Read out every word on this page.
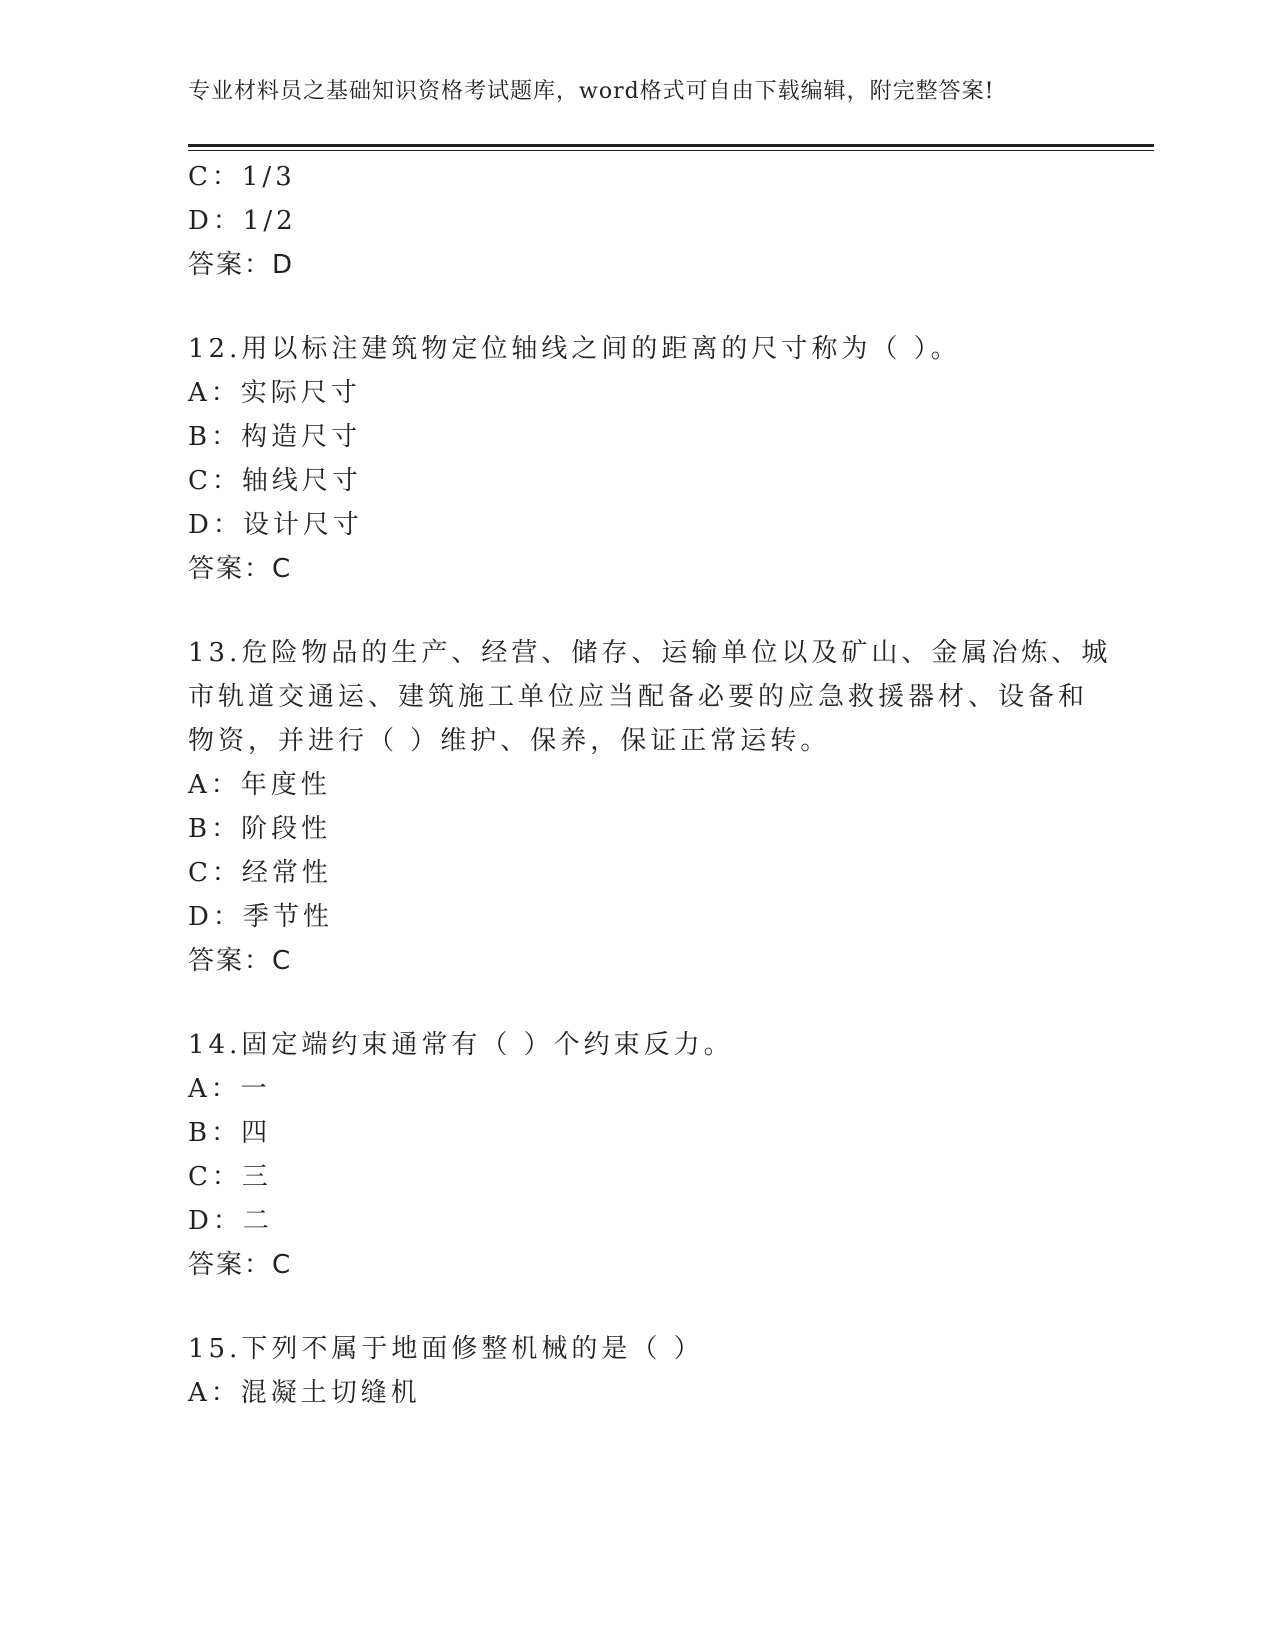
专业材料员之基础知识资格考试题库，word格式可自由下载编辑，附完整答案!
C：1/3
D：1/2
答案：D
12.用以标注建筑物定位轴线之间的距离的尺寸称为（ ）。
A：实际尺寸
B：构造尺寸
C：轴线尺寸
D：设计尺寸
答案：C
13.危险物品的生产、经营、储存、运输单位以及矿山、金属冶炼、城
市轨道交通运、建筑施工单位应当配备必要的应急救援器材、设备和
物资，并进行（ ）维护、保养，保证正常运转。
A：年度性
B：阶段性
C：经常性
D：季节性
答案：C
14.固定端约束通常有（ ）个约束反力。
A：一
B：四
C：三
D：二
答案：C
15.下列不属于地面修整机械的是（ ）
A：混凝土切缝机
